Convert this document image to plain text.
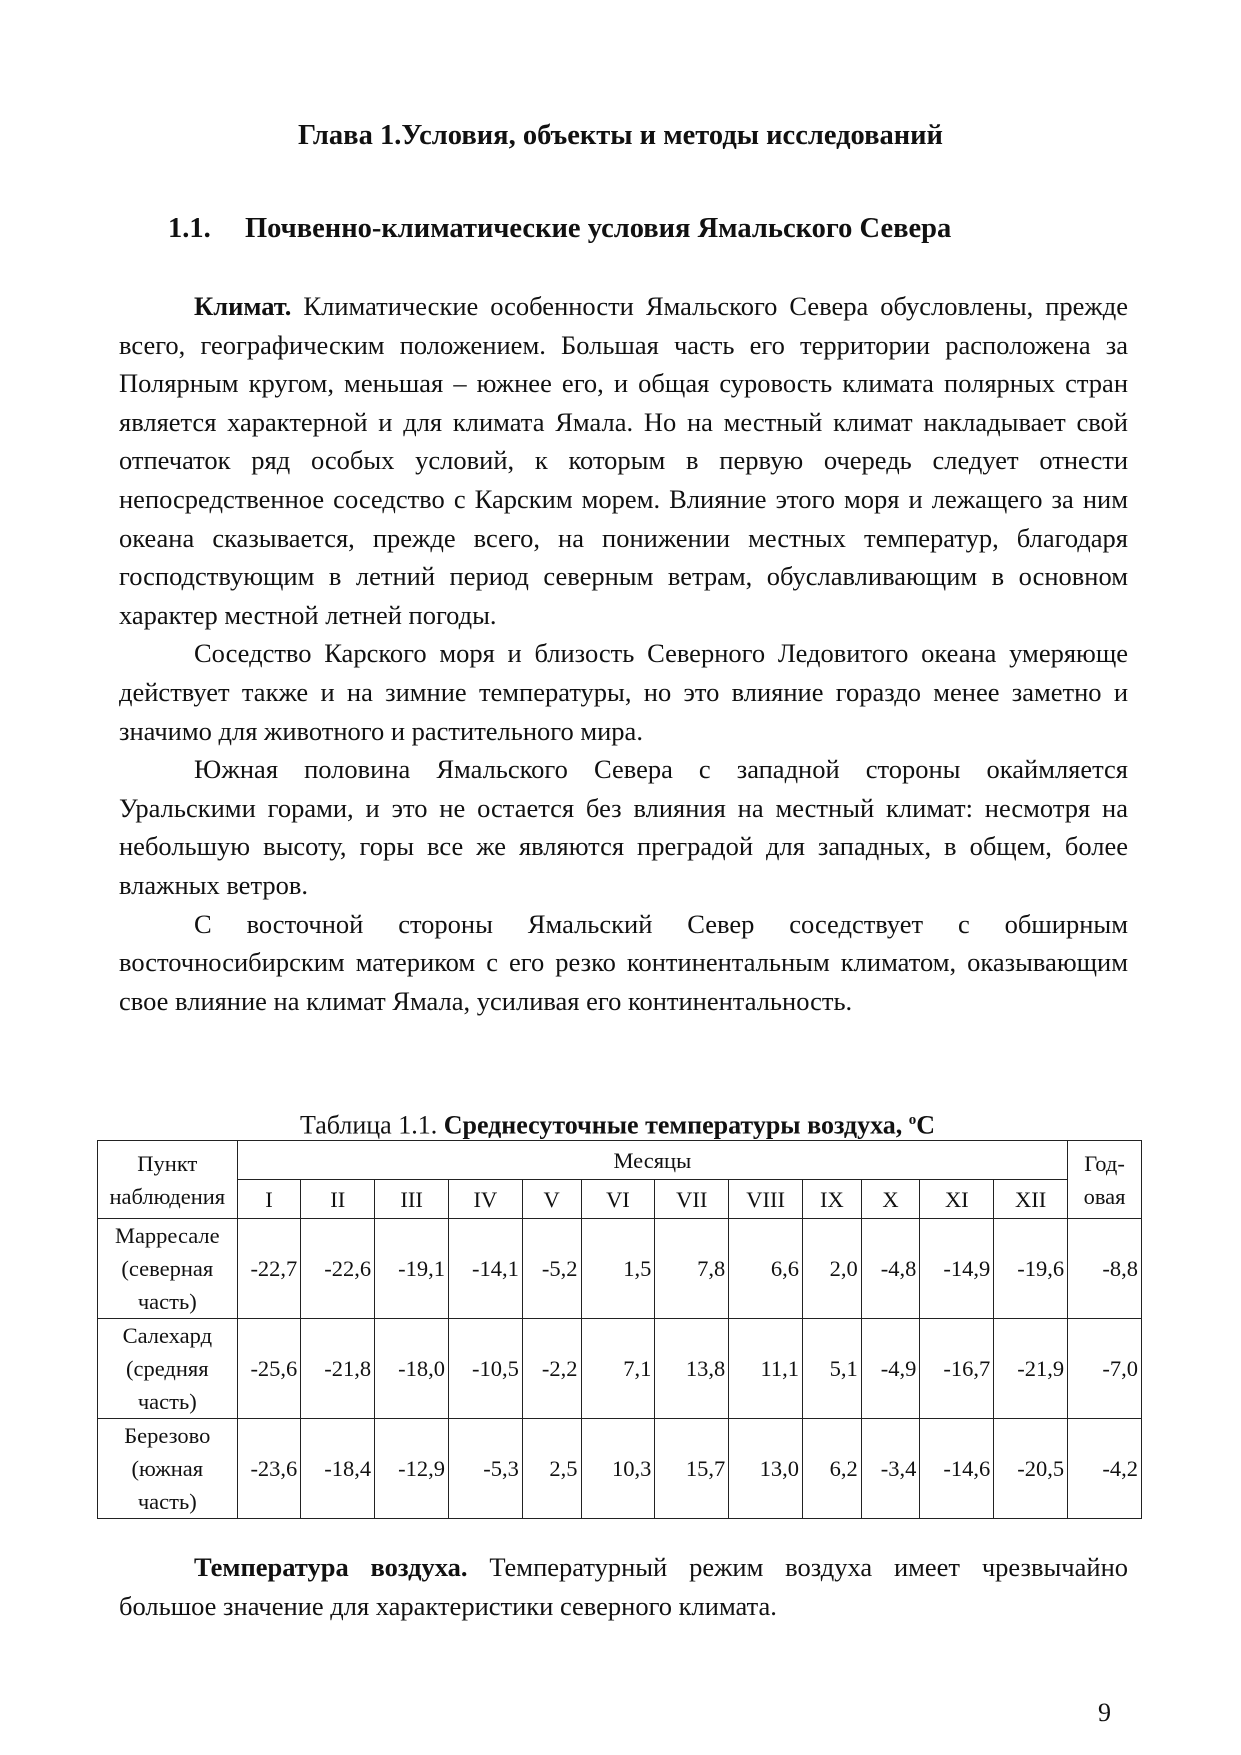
Глава 1.Условия, объекты и методы исследований
1.1. Почвенно-климатические условия Ямальского Севера

Климат. Климатические особенности Ямальского Севера обусловлены, прежде всего, географическим положением. Большая часть его территории расположена за Полярным кругом, меньшая – южнее его, и общая суровость климата полярных стран является характерной и для климата Ямала. Но на местный климат накладывает свой отпечаток ряд особых условий, к которым в первую очередь следует отнести непосредственное соседство с Карским морем. Влияние этого моря и лежащего за ним океана сказывается, прежде всего, на понижении местных температур, благодаря господствующим в летний период северным ветрам, обуславливающим в основном характер местной летней погоды.

Соседство Карского моря и близость Северного Ледовитого океана умеряюще действует также и на зимние температуры, но это влияние гораздо менее заметно и значимо для животного и растительного мира.

Южная половина Ямальского Севера с западной стороны окаймляется Уральскими горами, и это не остается без влияния на местный климат: несмотря на небольшую высоту, горы все же являются преградой для западных, в общем, более влажных ветров.

С восточной стороны Ямальский Север соседствует с обширным восточносибирским материком с его резко континентальным климатом, оказывающим свое влияние на климат Ямала, усиливая его континентальность.

Таблица 1.1. Среднесуточные температуры воздуха, $^o$C
Пункт
наблюдения	Месяцы												Год-
овая
	I	II	III	IV	V	VI	VII	VIII	IX	X	XI	XII	
Марресале
(северная
часть)	-22,7	-22,6	-19,1	-14,1	-5,2	1,5	7,8	6,6	2,0	-4,8	-14,9	-19,6	-8,8
Салехард
(средняя
часть)	-25,6	-21,8	-18,0	-10,5	-2,2	7,1	13,8	11,1	5,1	-4,9	-16,7	-21,9	-7,0
Березово
(южная
часть)	-23,6	-18,4	-12,9	-5,3	2,5	10,3	15,7	13,0	6,2	-3,4	-14,6	-20,5	-4,2

Температура воздуха. Температурный режим воздуха имеет чрезвычайно большое значение для характеристики северного климата.

9
